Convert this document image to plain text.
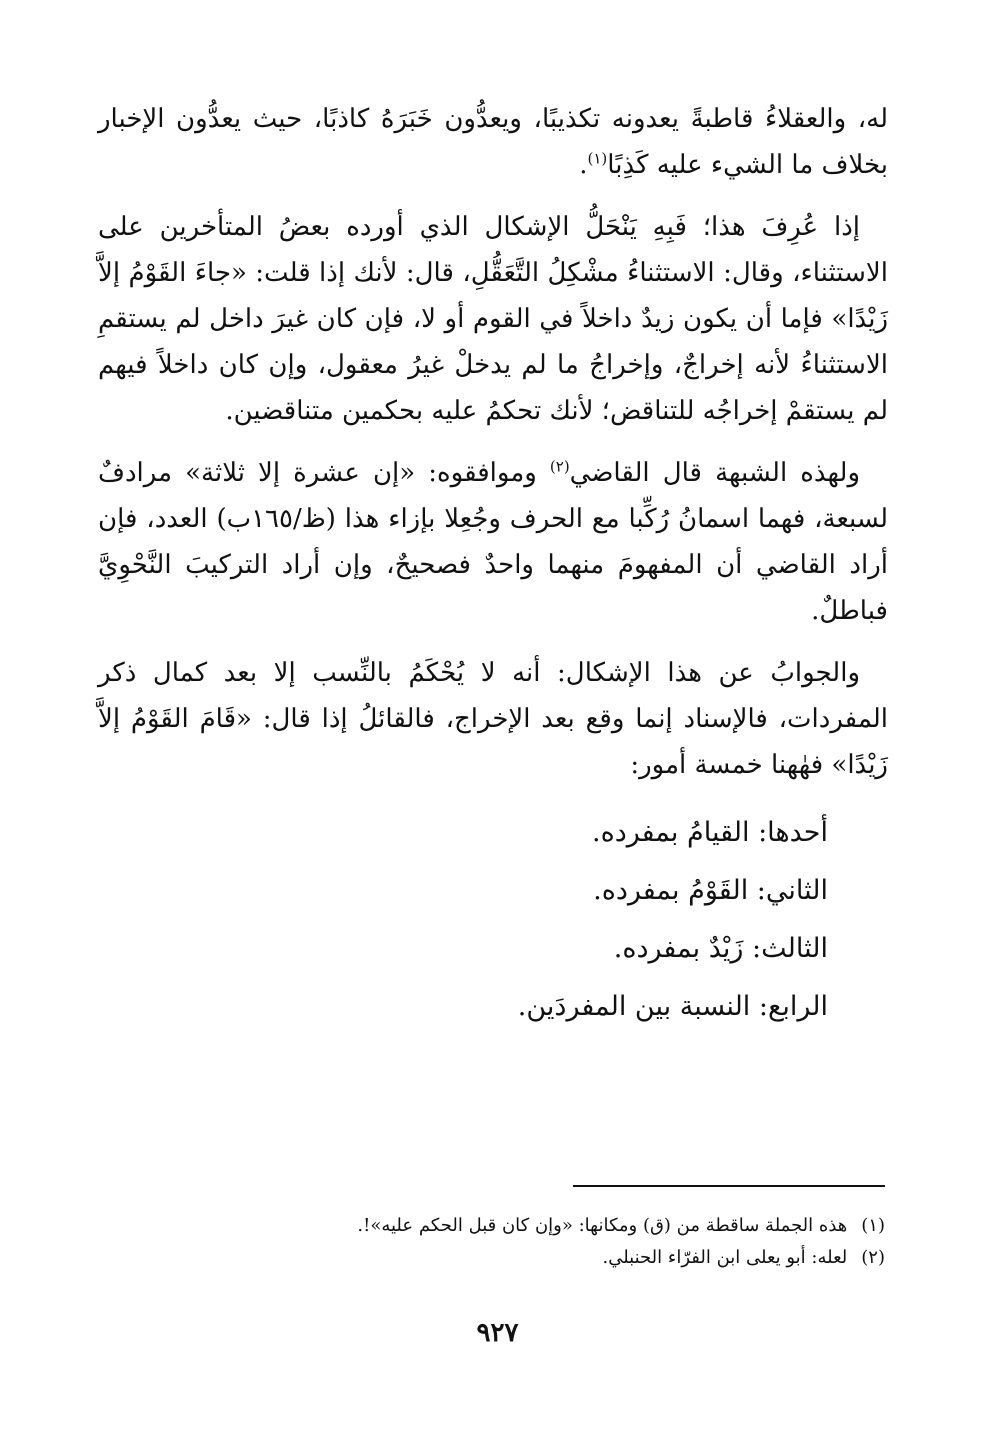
له، والعقلاءُ قاطبةً يعدونه تكذيبًا، ويعدُّون خَبَرَهُ كاذبًا، حيث يعدُّون الإخبار بخلاف ما الشيء عليه كَذِبًا$^{(١)}$.

إذا عُرِفَ هذا؛ فَبِهِ يَنْحَلُّ الإشكال الذي أورده بعضُ المتأخرين على الاستثناء، وقال: الاستثناءُ مشْكِلُ التَّعَقُّلِ، قال: لأنك إذا قلت: «جاءَ القَوْمُ إلاَّ زَيْدًا» فإما أن يكون زيدٌ داخلاً في القوم أو لا، فإن كان غيرَ داخل لم يستقمِ الاستثناءُ لأنه إخراجٌ، وإخراجُ ما لم يدخلْ غيرُ معقول، وإن كان داخلاً فيهم لم يستقمْ إخراجُه للتناقض؛ لأنك تحكمُ عليه بحكمين متناقضين.

ولهذه الشبهة قال القاضي$^{(٢)}$ وموافقوه: «إن عشرة إلا ثلاثة» مرادفٌ لسبعة، فهما اسمانُ رُكِّبا مع الحرف وجُعِلا بإزاء هذا (ظ/١٦٥ب) العدد، فإن أراد القاضي أن المفهومَ منهما واحدٌ فصحيحٌ، وإن أراد التركيبَ النَّحْوِيَّ فباطلٌ.

والجوابُ عن هذا الإشكال: أنه لا يُحْكَمُ بالنِّسب إلا بعد كمال ذكر المفردات، فالإسناد إنما وقع بعد الإخراج، فالقائلُ إذا قال: «قَامَ القَوْمُ إلاَّ زَيْدًا» فهٰهنا خمسة أمور:

أحدها: القيامُ بمفرده.
الثاني: القَوْمُ بمفرده.
الثالث: زَيْدٌ بمفرده.
الرابع: النسبة بين المفردَين.

(١)هذه الجملة ساقطة من (ق) ومكانها: «وإن كان قبل الحكم عليه»!.

(٢)لعله: أبو يعلى ابن الفرّاء الحنبلي.

٩٢٧
